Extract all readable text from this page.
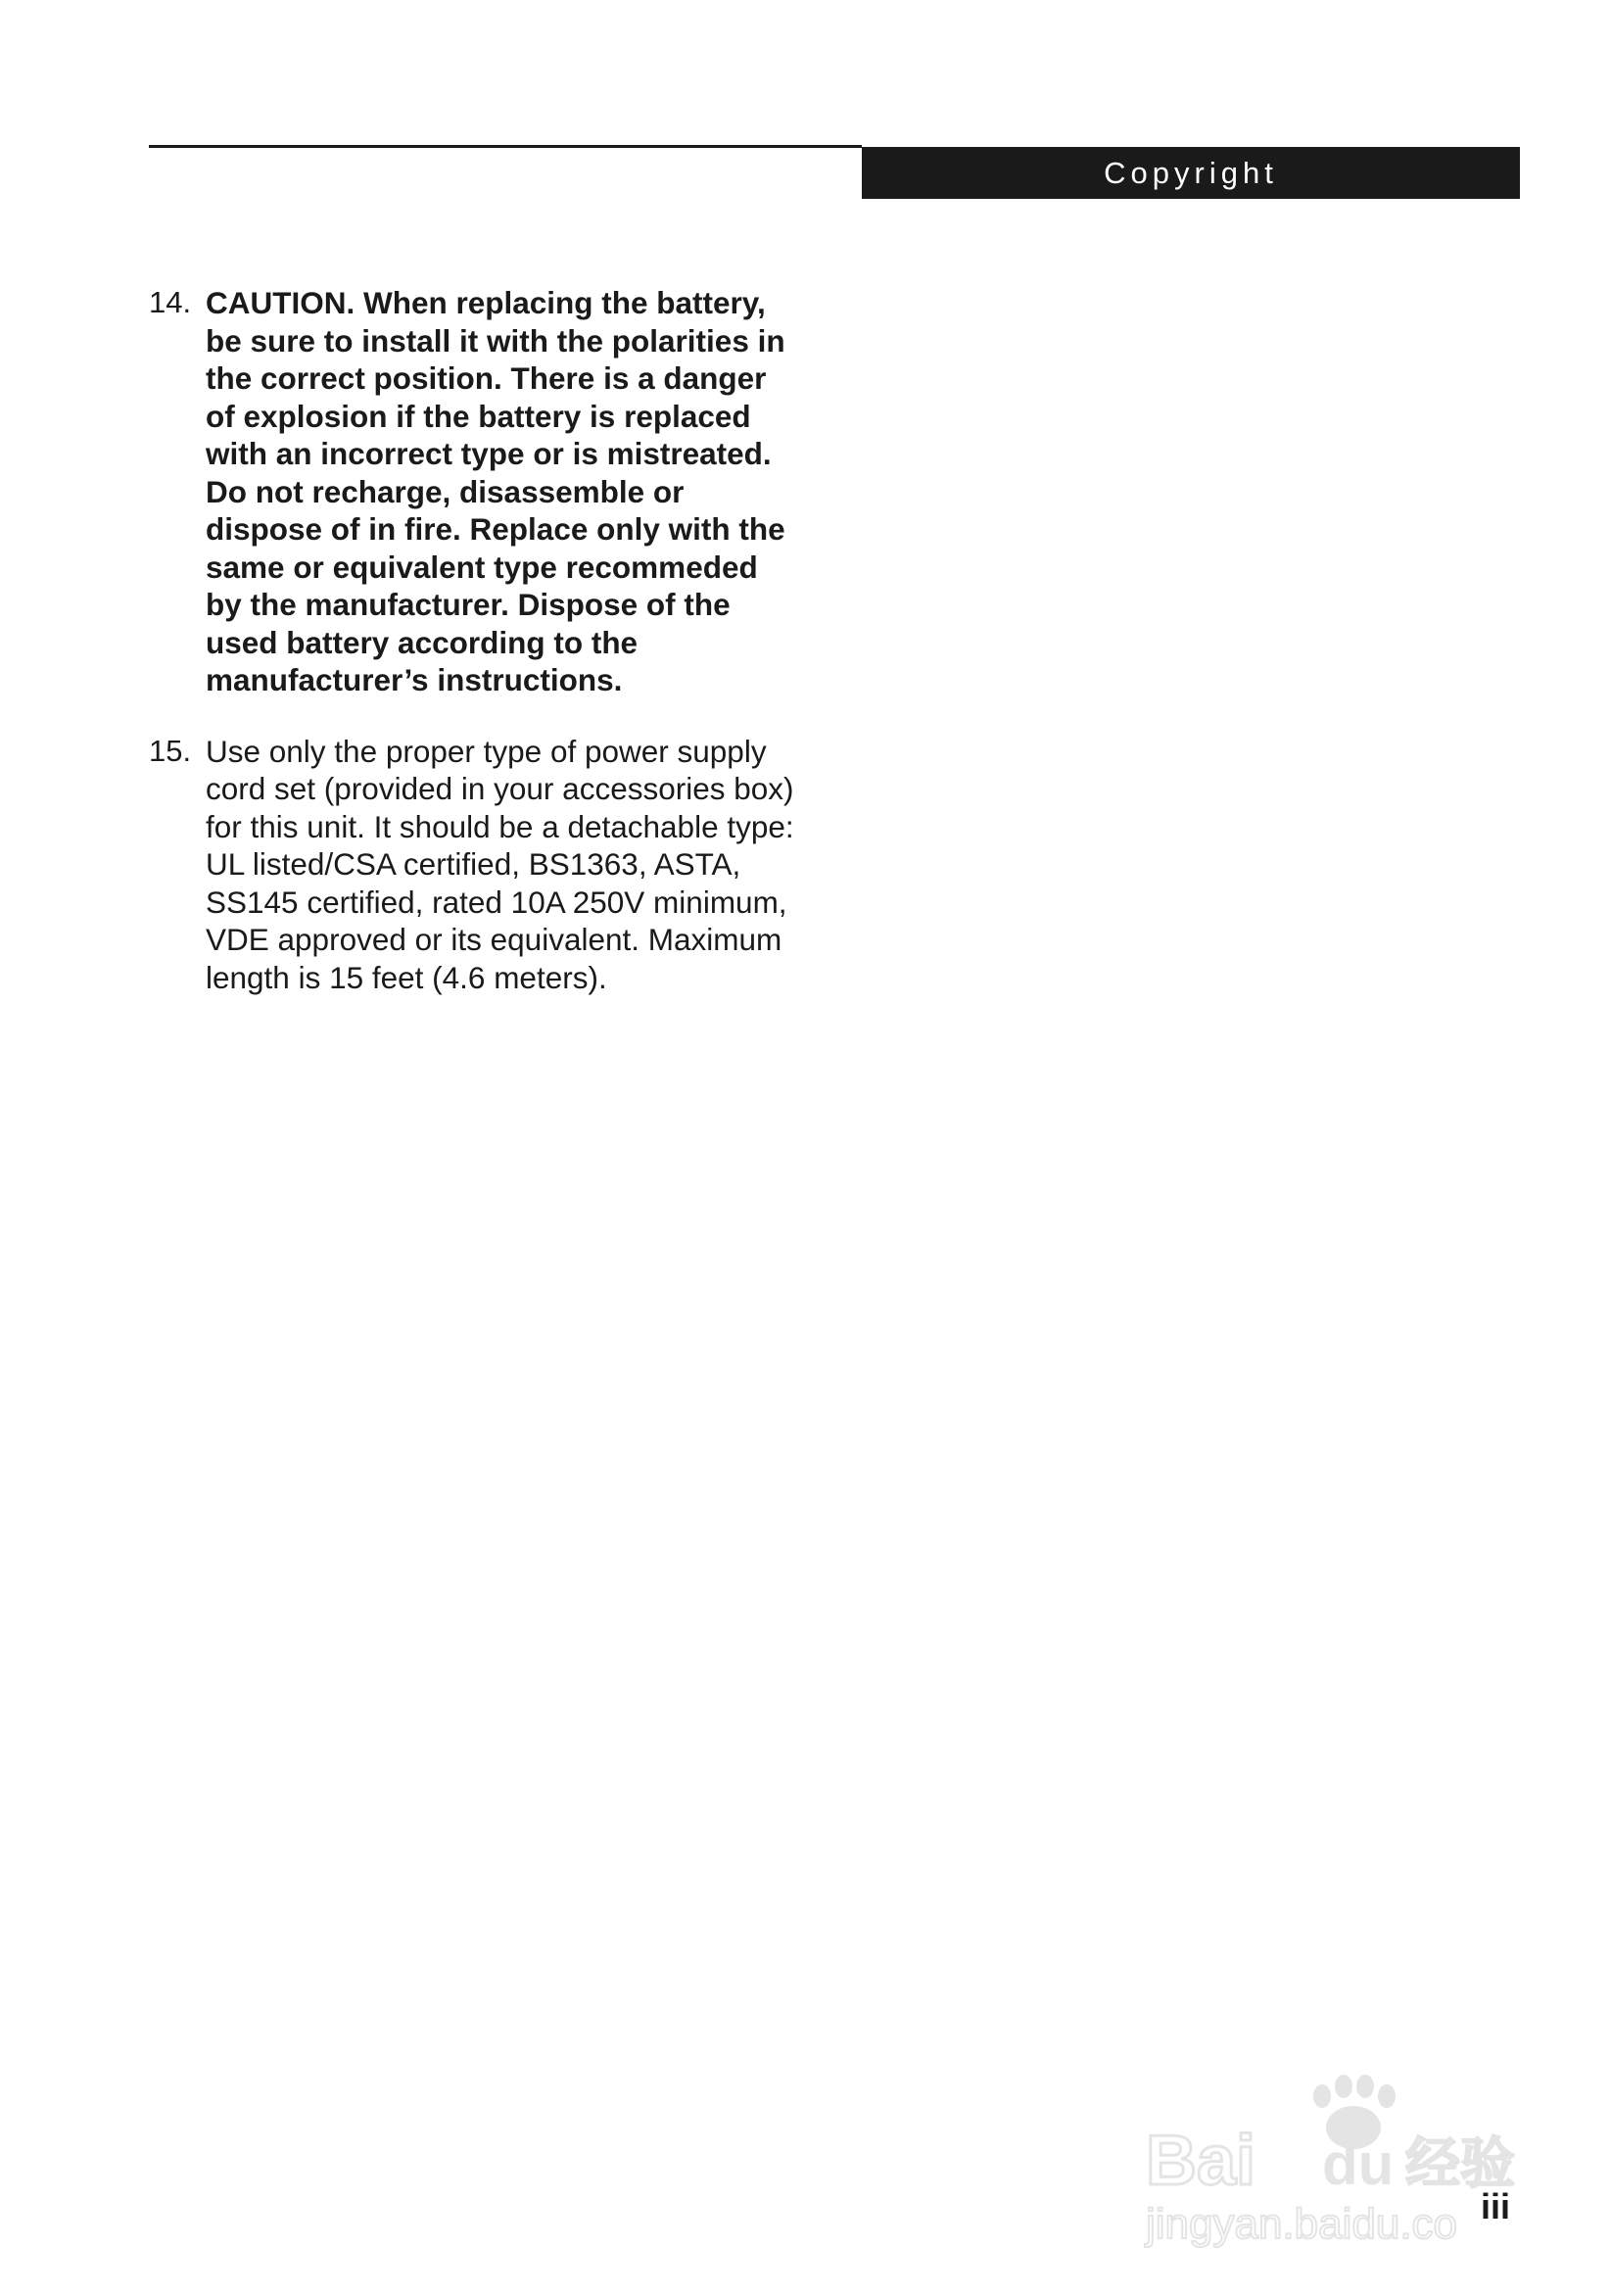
Copyright
14. CAUTION. When replacing the battery,
be sure to install it with the polarities in
the correct position. There is a danger
of explosion if the battery is replaced
with an incorrect type or is mistreated.
Do not recharge, disassemble or
dispose of in fire. Replace only with the
same or equivalent type recommeded
by the manufacturer. Dispose of the
used battery according to the
manufacturer’s instructions.
15. Use only the proper type of power supply
cord set (provided in your accessories box)
for this unit. It should be a detachable type:
UL listed/CSA certified, BS1363, ASTA,
SS145 certified, rated 10A 250V minimum,
VDE approved or its equivalent. Maximum
length is 15 feet (4.6 meters).
Bai du 经验
jingyan.baidu.co iii
